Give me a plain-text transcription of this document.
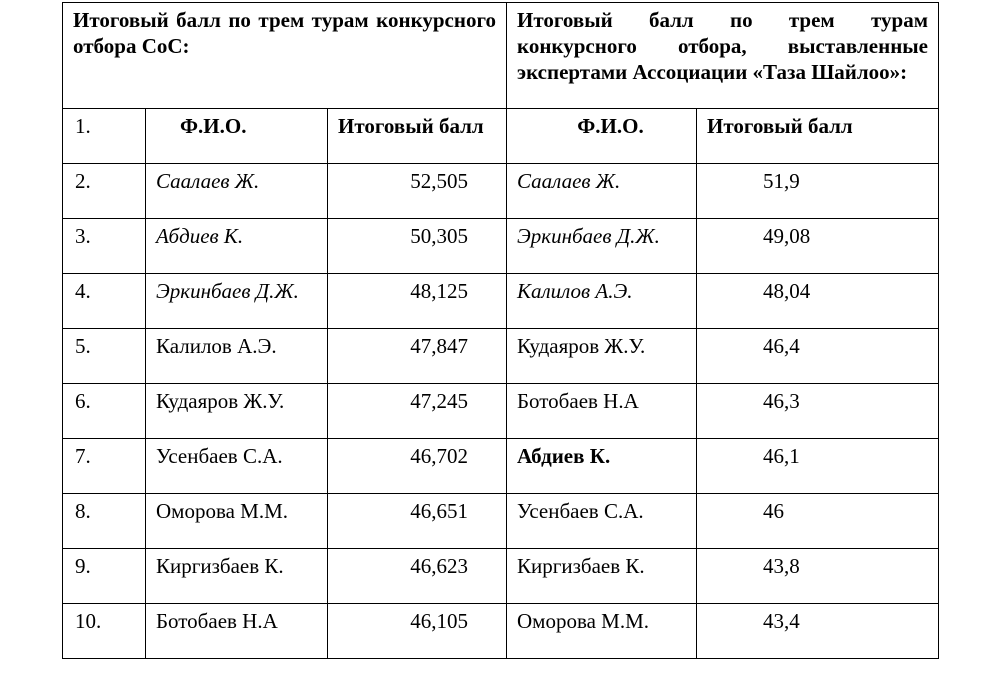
Итоговый балл по трем турам конкурсного отбора СоС:			Итоговый балл по трем турам конкурсного отбора, выставленные экспертами Ассоциации «Таза Шайлоо»:	
1.	Ф.И.О.	Итоговый балл	Ф.И.О.	Итоговый балл
2.	Саалаев Ж.	52,505	Саалаев Ж.	51,9
3.	Абдиев К.	50,305	Эркинбаев Д.Ж.	49,08
4.	Эркинбаев Д.Ж.	48,125	Калилов А.Э.	48,04
5.	Калилов А.Э.	47,847	Кудаяров Ж.У.	46,4
6.	Кудаяров Ж.У.	47,245	Ботобаев Н.А	46,3
7.	Усенбаев С.А.	46,702	Абдиев К.	46,1
8.	Оморова М.М.	46,651	Усенбаев С.А.	46
9.	Киргизбаев К.	46,623	Киргизбаев К.	43,8
10.	Ботобаев Н.А	46,105	Оморова М.М.	43,4
